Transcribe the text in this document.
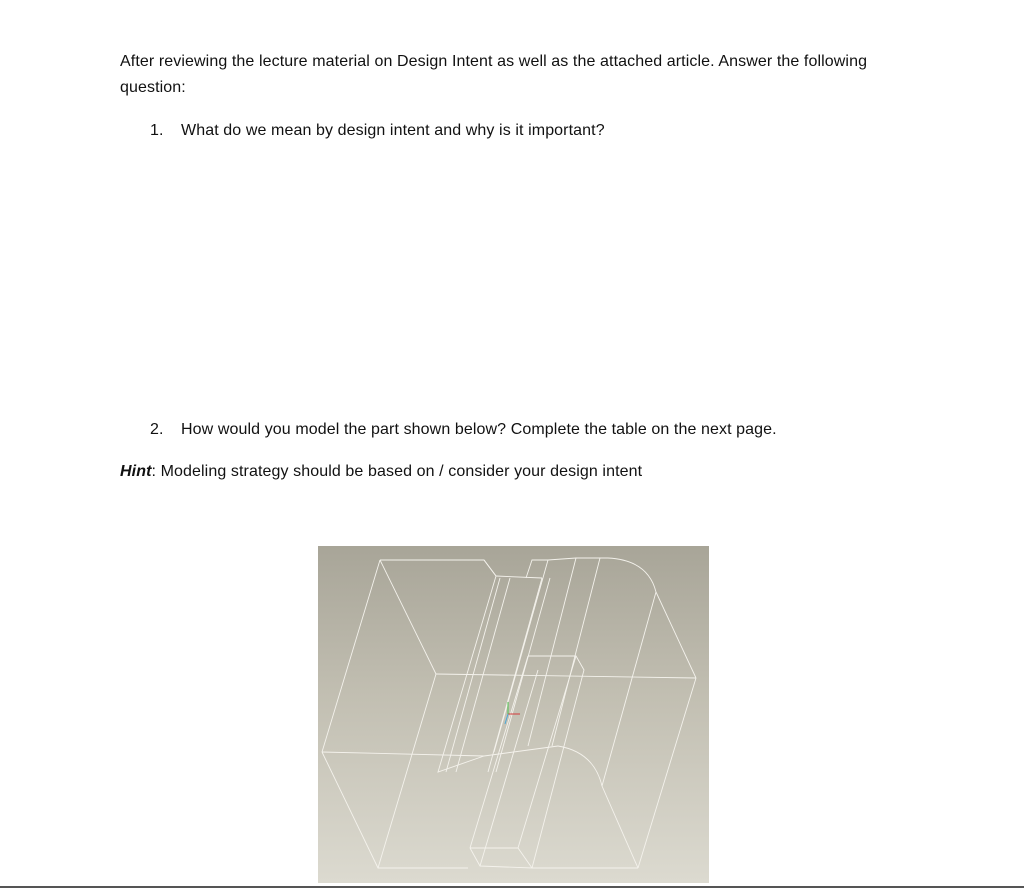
After reviewing the lecture material on Design Intent as well as the attached article. Answer the following question:

1. What do we mean by design intent and why is it important?

2. How would you model the part shown below? Complete the table on the next page.

Hint: Modeling strategy should be based on / consider your design intent
